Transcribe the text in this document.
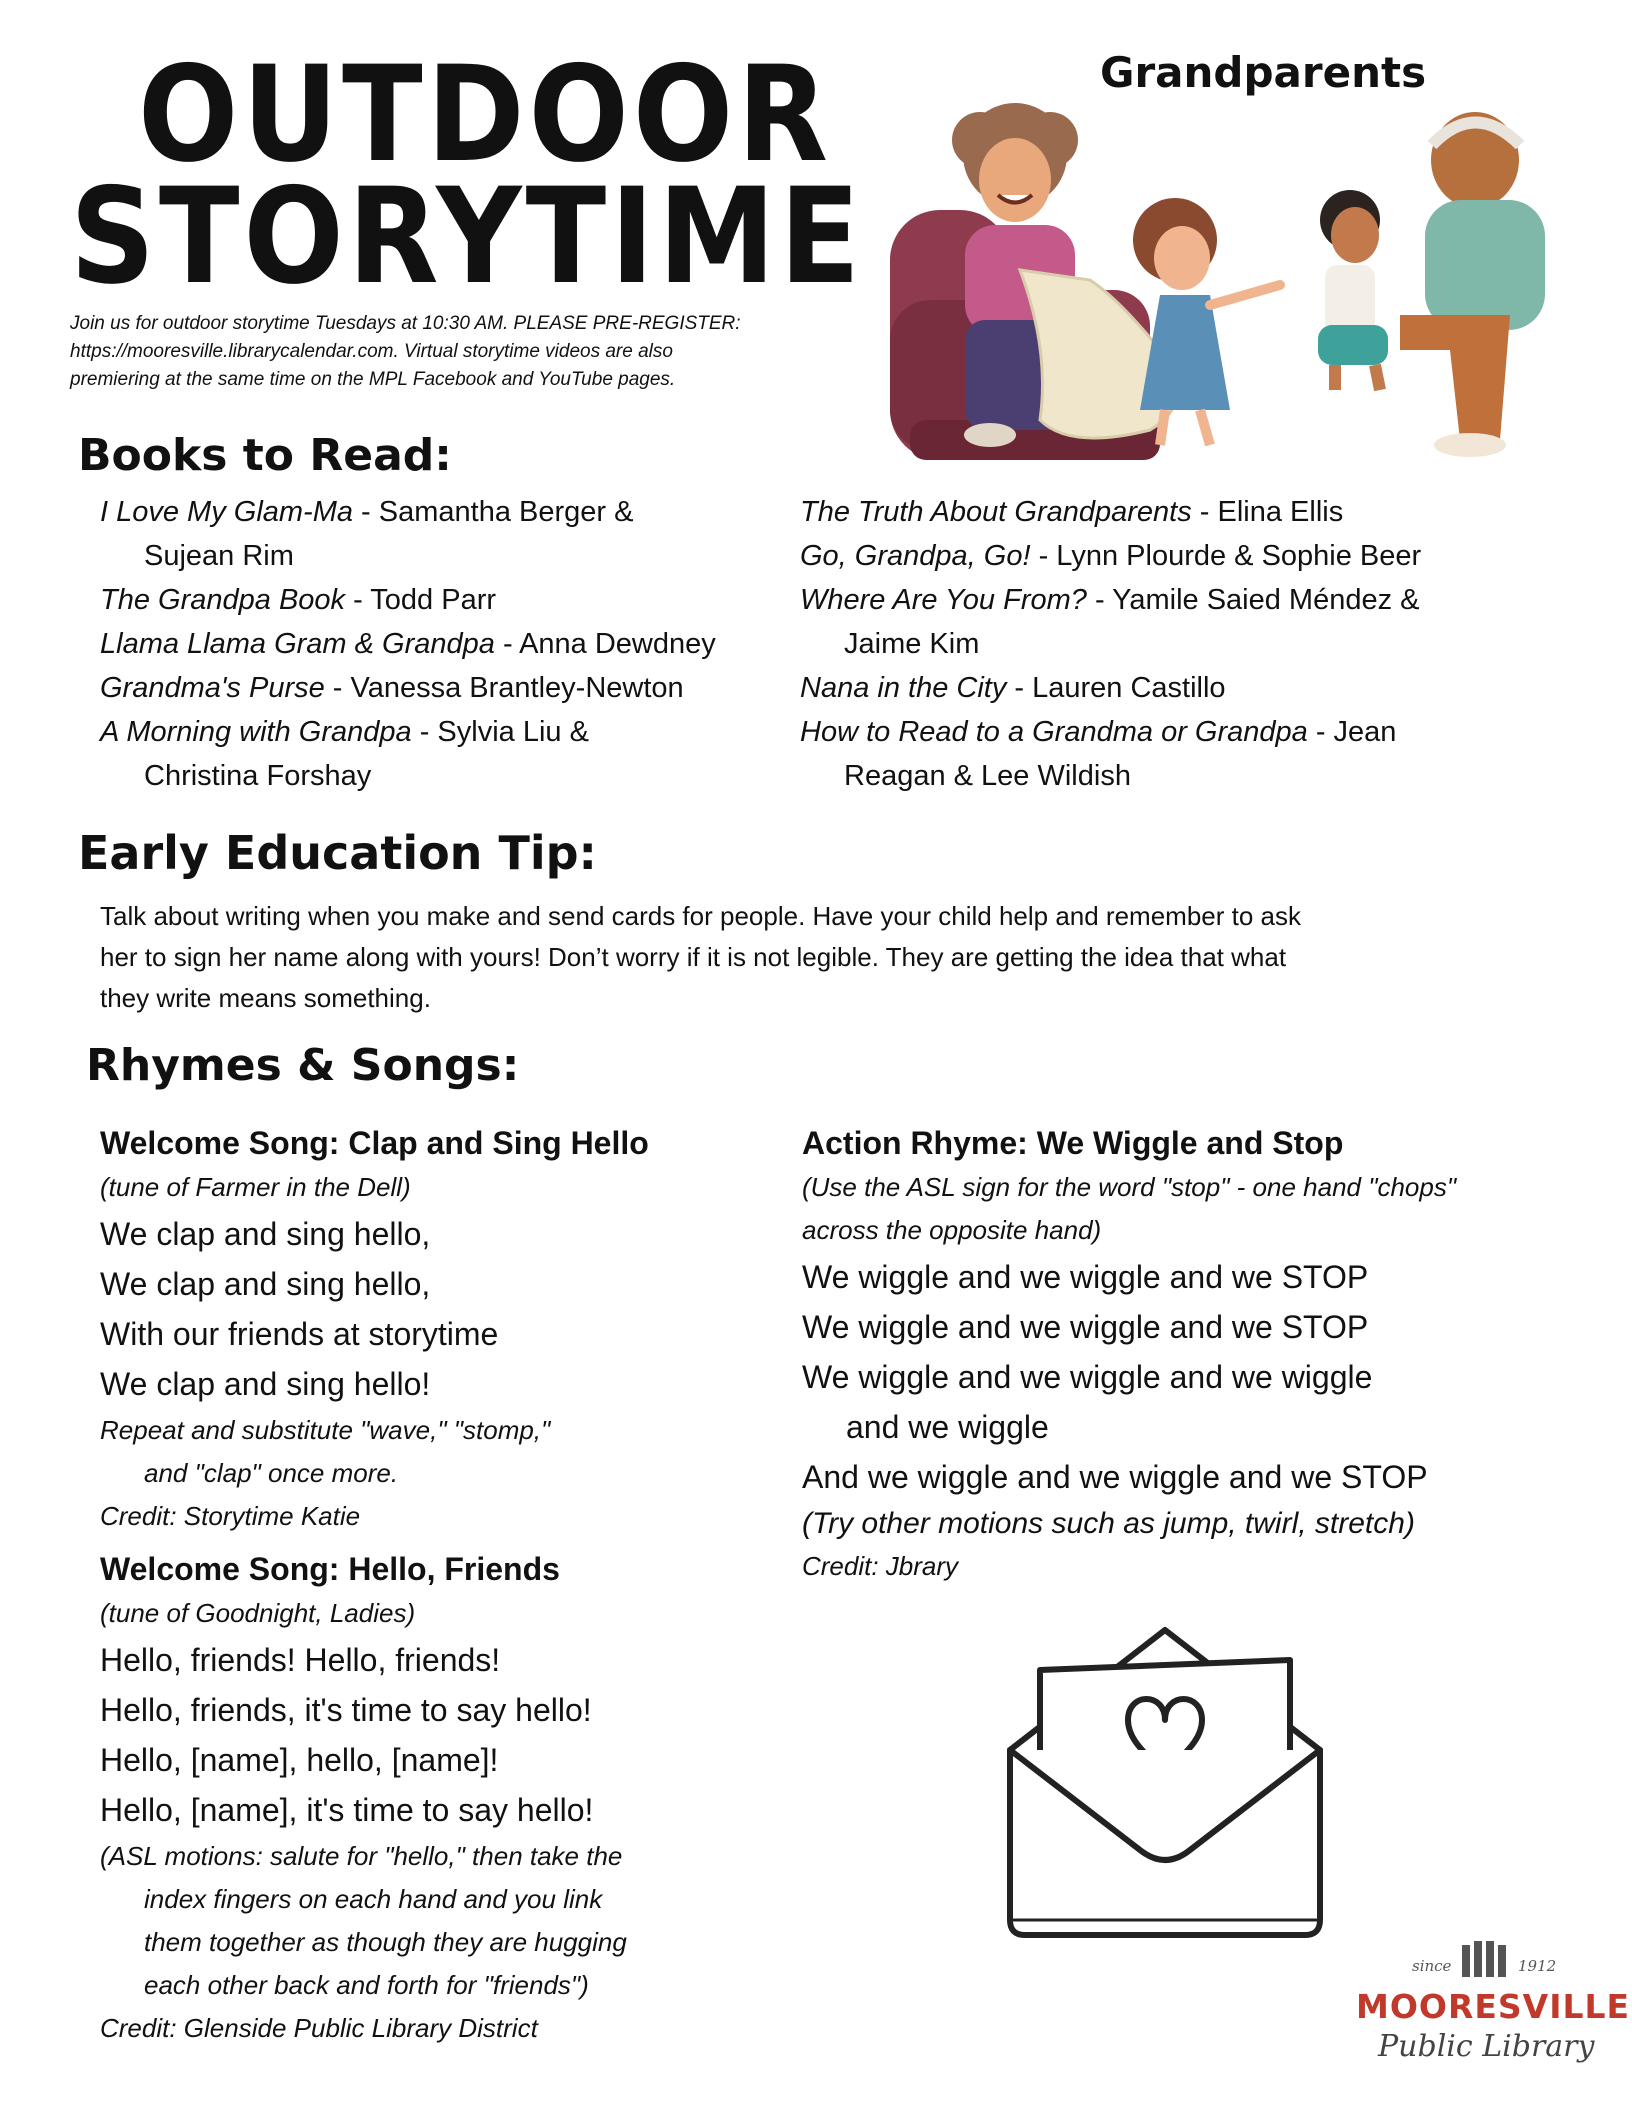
OUTDOOR
STORYTIME
Grandparents
Join us for outdoor storytime Tuesdays at 10:30 AM. PLEASE PRE-REGISTER:
https://mooresville.librarycalendar.com. Virtual storytime videos are also
premiering at the same time on the MPL Facebook and YouTube pages.
Books to Read:
I Love My Glam-Ma - Samantha Berger &
Sujean Rim
The Grandpa Book - Todd Parr
Llama Llama Gram & Grandpa - Anna Dewdney
Grandma's Purse - Vanessa Brantley-Newton
A Morning with Grandpa - Sylvia Liu &
Christina Forshay
The Truth About Grandparents - Elina Ellis
Go, Grandpa, Go! - Lynn Plourde & Sophie Beer
Where Are You From? - Yamile Saied Méndez &
Jaime Kim
Nana in the City - Lauren Castillo
How to Read to a Grandma or Grandpa - Jean
Reagan & Lee Wildish
Early Education Tip:
Talk about writing when you make and send cards for people. Have your child help and remember to ask
her to sign her name along with yours! Don’t worry if it is not legible. They are getting the idea that what
they write means something.
Rhymes & Songs:
Welcome Song: Clap and Sing Hello
(tune of Farmer in the Dell)
We clap and sing hello,
We clap and sing hello,
With our friends at storytime
We clap and sing hello!
Repeat and substitute "wave," "stomp,"
and "clap" once more.
Credit: Storytime Katie
Welcome Song: Hello, Friends
(tune of Goodnight, Ladies)
Hello, friends! Hello, friends!
Hello, friends, it's time to say hello!
Hello, [name], hello, [name]!
Hello, [name], it's time to say hello!
(ASL motions: salute for "hello," then take the
index fingers on each hand and you link
them together as though they are hugging
each other back and forth for "friends")
Credit: Glenside Public Library District
Action Rhyme: We Wiggle and Stop
(Use the ASL sign for the word "stop" - one hand "chops"
across the opposite hand)
We wiggle and we wiggle and we STOP
We wiggle and we wiggle and we STOP
We wiggle and we wiggle and we wiggle
and we wiggle
And we wiggle and we wiggle and we STOP
(Try other motions such as jump, twirl, stretch)
Credit: Jbrary
since	1912
MOORESVILLE
Public Library
